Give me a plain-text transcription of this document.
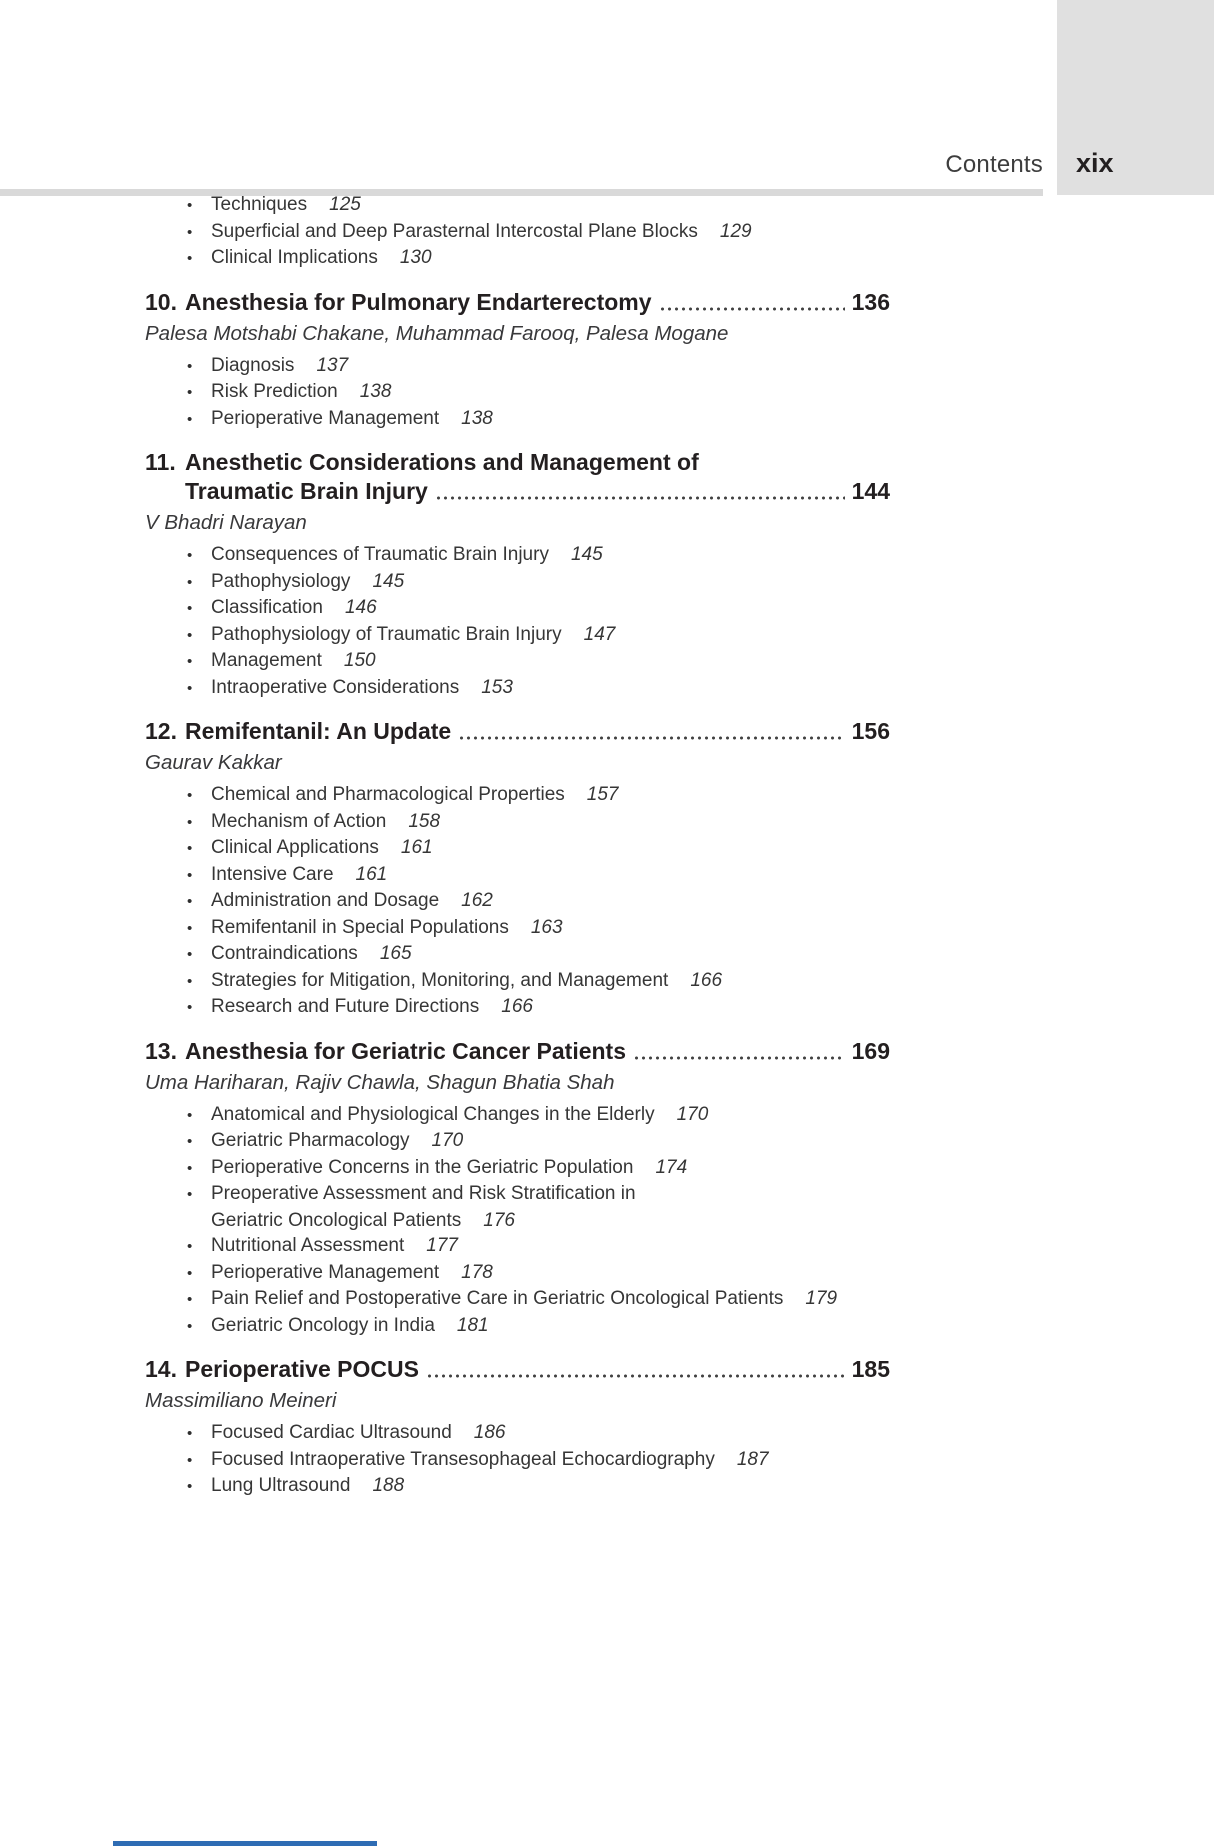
Contents xix
• Techniques 125
• Superficial and Deep Parasternal Intercostal Plane Blocks 129
• Clinical Implications 130
10. Anesthesia for Pulmonary Endarterectomy	136
Palesa Motshabi Chakane, Muhammad Farooq, Palesa Mogane
• Diagnosis 137
• Risk Prediction 138
• Perioperative Management 138
11. Anesthetic Considerations and Management of
Traumatic Brain Injury	144
V Bhadri Narayan
• Consequences of Traumatic Brain Injury 145
• Pathophysiology 145
• Classification 146
• Pathophysiology of Traumatic Brain Injury 147
• Management 150
• Intraoperative Considerations 153
12. Remifentanil: An Update	156
Gaurav Kakkar
• Chemical and Pharmacological Properties 157
• Mechanism of Action 158
• Clinical Applications 161
• Intensive Care 161
• Administration and Dosage 162
• Remifentanil in Special Populations 163
• Contraindications 165
• Strategies for Mitigation, Monitoring, and Management 166
• Research and Future Directions 166
13. Anesthesia for Geriatric Cancer Patients	169
Uma Hariharan, Rajiv Chawla, Shagun Bhatia Shah
• Anatomical and Physiological Changes in the Elderly 170
• Geriatric Pharmacology 170
• Perioperative Concerns in the Geriatric Population 174
• Preoperative Assessment and Risk Stratification in
Geriatric Oncological Patients 176
• Nutritional Assessment 177
• Perioperative Management 178
• Pain Relief and Postoperative Care in Geriatric Oncological Patients 179
• Geriatric Oncology in India 181
14. Perioperative POCUS	185
Massimiliano Meineri
• Focused Cardiac Ultrasound 186
• Focused Intraoperative Transesophageal Echocardiography 187
• Lung Ultrasound 188
